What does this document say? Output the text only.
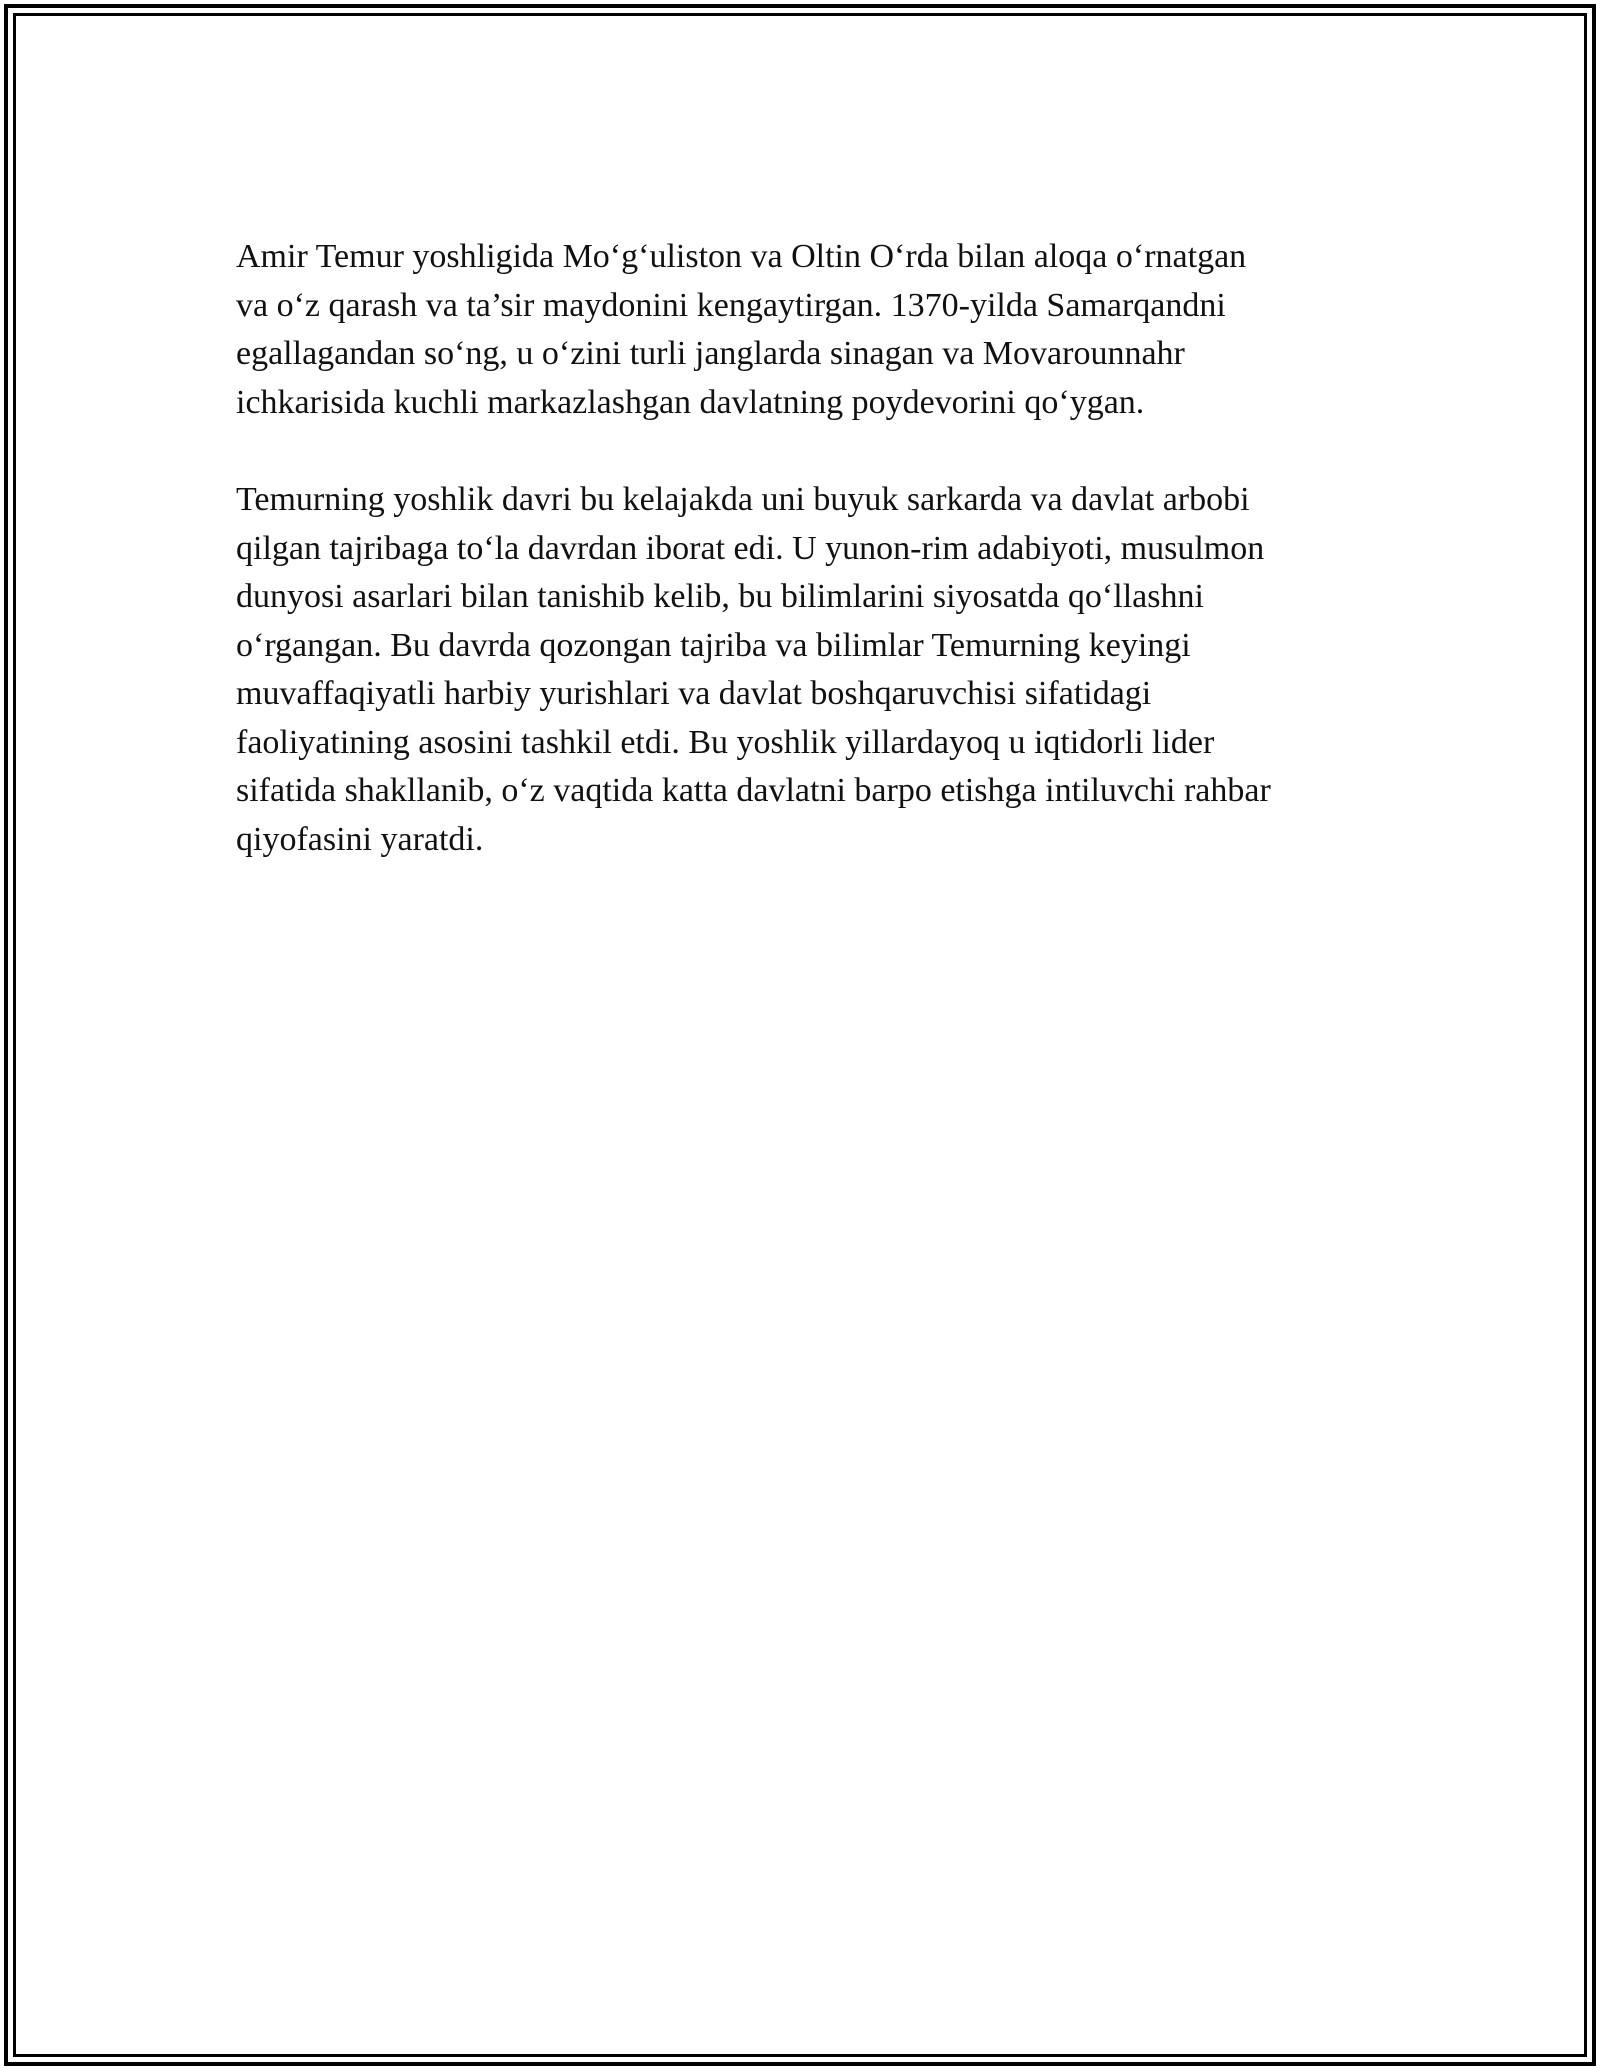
Amir Temur yoshligida Mo‘g‘uliston va Oltin O‘rda bilan aloqa o‘rnatgan
va o‘z qarash va ta’sir maydonini kengaytirgan. 1370-yilda Samarqandni
egallagandan so‘ng, u o‘zini turli janglarda sinagan va Movarounnahr
ichkarisida kuchli markazlashgan davlatning poydevorini qo‘ygan.

Temurning yoshlik davri bu kelajakda uni buyuk sarkarda va davlat arbobi
qilgan tajribaga to‘la davrdan iborat edi. U yunon-rim adabiyoti, musulmon
dunyosi asarlari bilan tanishib kelib, bu bilimlarini siyosatda qo‘llashni
o‘rgangan. Bu davrda qozongan tajriba va bilimlar Temurning keyingi
muvaffaqiyatli harbiy yurishlari va davlat boshqaruvchisi sifatidagi
faoliyatining asosini tashkil etdi. Bu yoshlik yillardayoq u iqtidorli lider
sifatida shakllanib, o‘z vaqtida katta davlatni barpo etishga intiluvchi rahbar
qiyofasini yaratdi.
